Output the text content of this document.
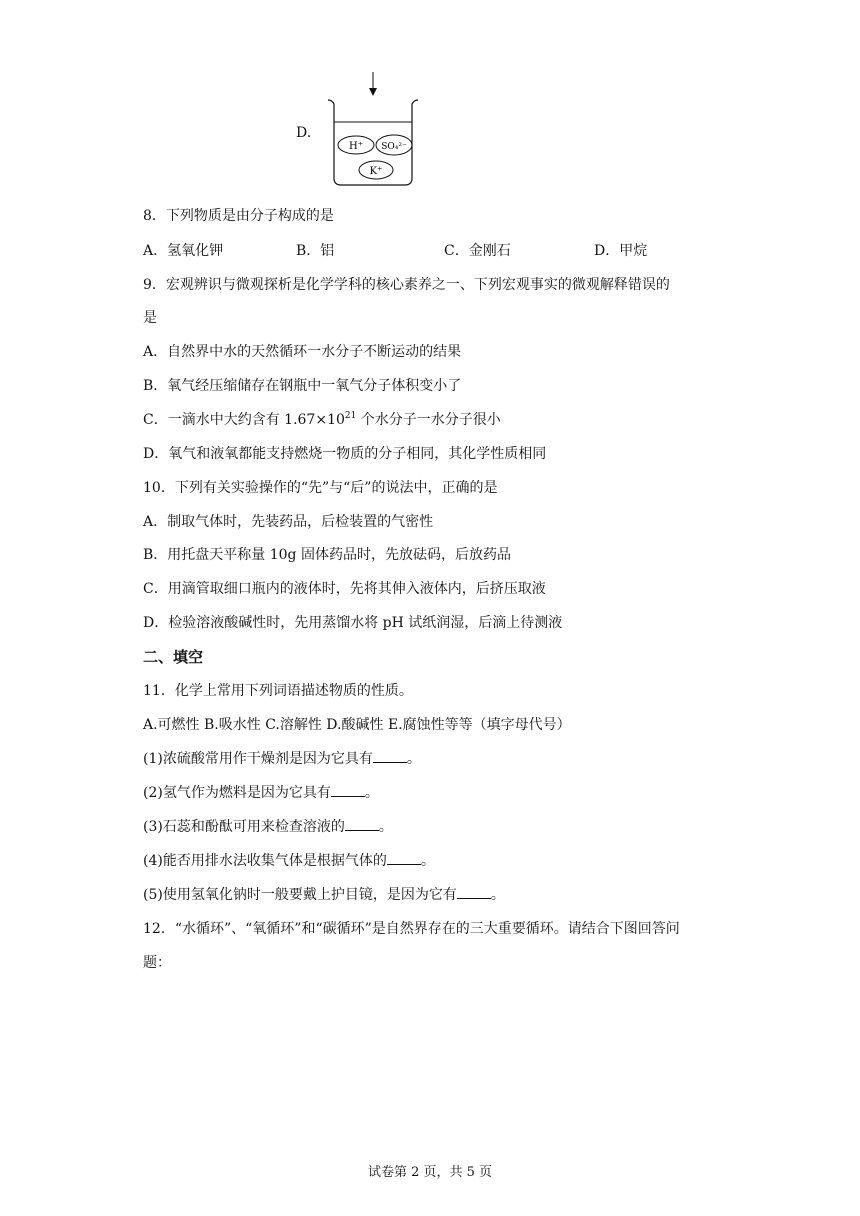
D.
H⁺ SO₄²⁻
K⁺
8．下列物质是由分子构成的是
A．氢氧化钾	B．铝	C．金刚石	D．甲烷
9．宏观辨识与微观探析是化学学科的核心素养之一、下列宏观事实的微观解释错误的
是
A．自然界中水的天然循环一水分子不断运动的结果
B．氧气经压缩储存在钢瓶中一氧气分子体积变小了
C．一滴水中大约含有 $1.67\times 10^{21}$ 个水分子一水分子很小
D．氧气和液氧都能支持燃烧一物质的分子相同，其化学性质相同
10．下列有关实验操作的“先”与“后”的说法中，正确的是
A．制取气体时，先装药品，后检装置的气密性
B．用托盘天平称量 10g 固体药品时，先放砝码，后放药品
C．用滴管取细口瓶内的液体时，先将其伸入液体内，后挤压取液
D．检验溶液酸碱性时，先用蒸馏水将 pH 试纸润湿，后滴上待测液
二、填空
11．化学上常用下列词语描述物质的性质。
A.可燃性 B.吸水性 C.溶解性 D.酸碱性 E.腐蚀性等等（填字母代号）
(1)浓硫酸常用作干燥剂是因为它具有 。
(2)氢气作为燃料是因为它具有 。
(3)石蕊和酚酞可用来检查溶液的 。
(4)能否用排水法收集气体是根据气体的 。
(5)使用氢氧化钠时一般要戴上护目镜，是因为它有 。
12．“水循环”、“氧循环”和“碳循环”是自然界存在的三大重要循环。请结合下图回答问
题：
试卷第 2 页，共 5 页
